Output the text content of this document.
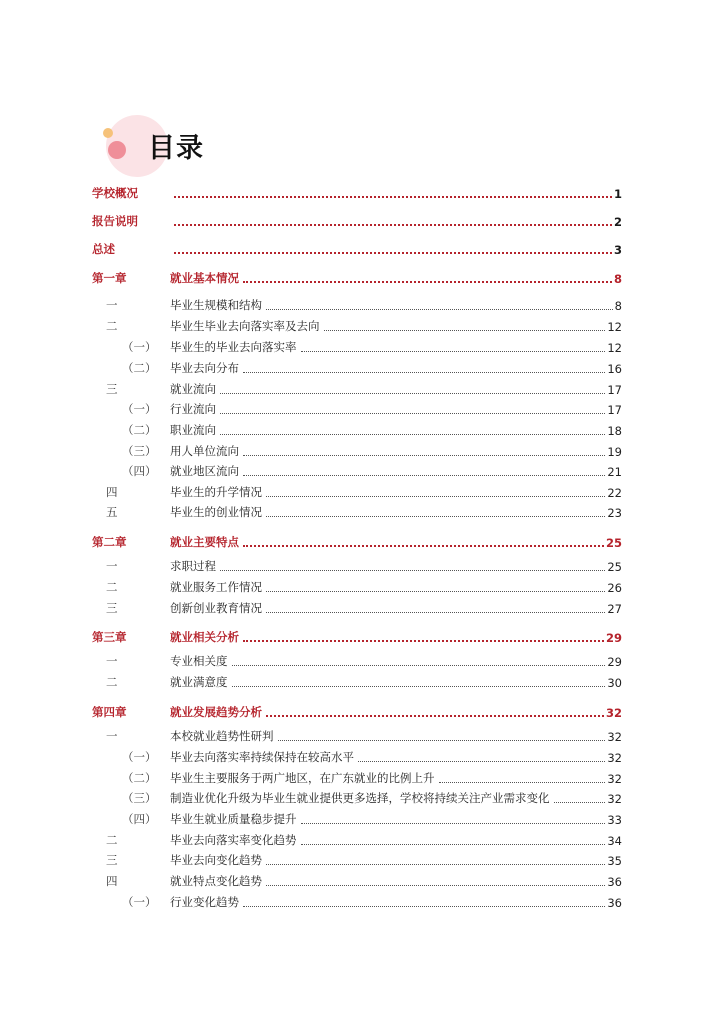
目录
学校概况	1
报告说明	2
总述	3
第一章	就业基本情况	8
一	毕业生规模和结构	8
二	毕业生毕业去向落实率及去向	12
（一） 毕业生的毕业去向落实率	12
（二） 毕业去向分布	16
三	就业流向	17
（一） 行业流向	17
（二） 职业流向	18
（三） 用人单位流向	19
（四） 就业地区流向	21
四	毕业生的升学情况	22
五	毕业生的创业情况	23
第二章	就业主要特点	25
一	求职过程	25
二	就业服务工作情况	26
三	创新创业教育情况	27
第三章	就业相关分析	29
一	专业相关度	29
二	就业满意度	30
第四章	就业发展趋势分析	32
一	本校就业趋势性研判	32
（一） 毕业去向落实率持续保持在较高水平	32
（二） 毕业生主要服务于两广地区，在广东就业的比例上升	32
（三） 制造业优化升级为毕业生就业提供更多选择，学校将持续关注产业需求变化	32
（四） 毕业生就业质量稳步提升	33
二	毕业去向落实率变化趋势	34
三	毕业去向变化趋势	35
四	就业特点变化趋势	36
（一） 行业变化趋势	36
